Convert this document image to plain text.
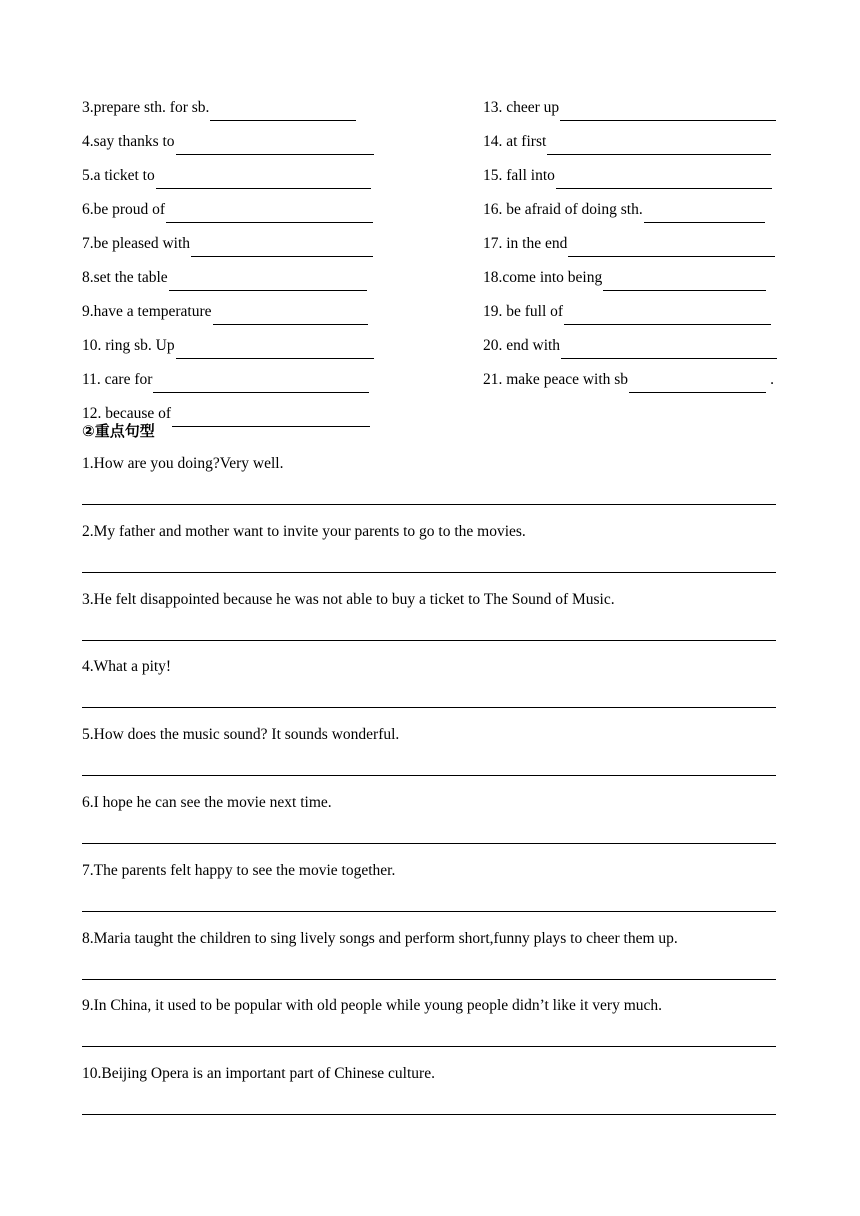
3.prepare sth. for sb.
4.say thanks to
5.a ticket to
6.be proud of
7.be pleased with
8.set the table
9.have a temperature
10. ring sb. Up
11. care for
12. because of
13. cheer up
14. at first
15. fall into
16. be afraid of doing sth.
17. in the end
18.come into being
19. be full of
20. end with
21. make peace with sb	.
②重点句型
1.How are you doing?Very well.
2.My father and mother want to invite your parents to go to the movies.
3.He felt disappointed because he was not able to buy a ticket to The Sound of Music.
4.What a pity!
5.How does the music sound? It sounds wonderful.
6.I hope he can see the movie next time.
7.The parents felt happy to see the movie together.
8.Maria taught the children to sing lively songs and perform short,funny plays to cheer them up.
9.In China, it used to be popular with old people while young people didn’t like it very much.
10.Beijing Opera is an important part of Chinese culture.
